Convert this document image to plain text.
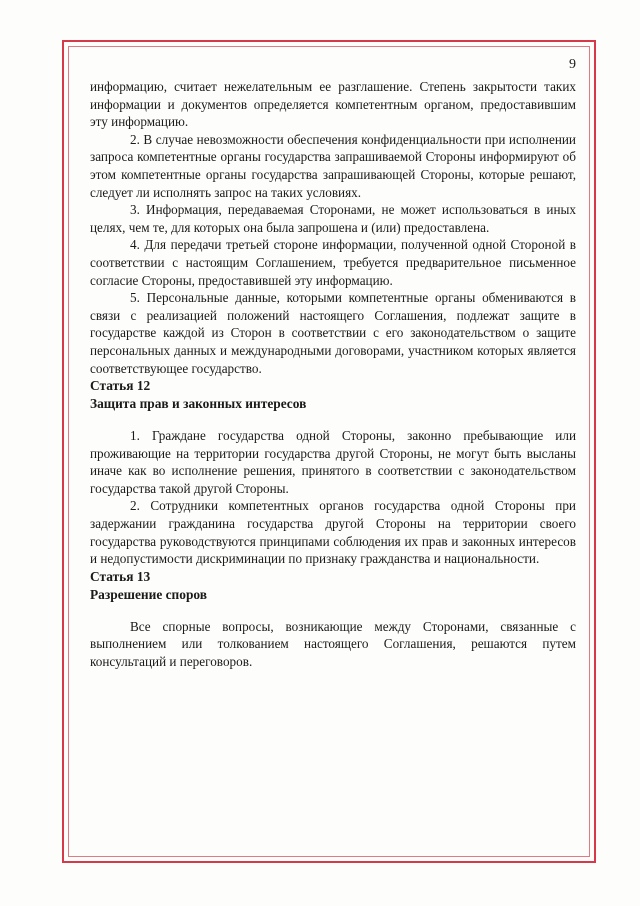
9

информацию, считает нежелательным ее разглашение. Степень закрытости таких информации и документов определяется компетентным органом, предоставившим эту информацию.

2. В случае невозможности обеспечения конфиденциальности при исполнении запроса компетентные органы государства запрашиваемой Стороны информируют об этом компетентные органы государства запрашивающей Стороны, которые решают, следует ли исполнять запрос на таких условиях.

3. Информация, передаваемая Сторонами, не может использоваться в иных целях, чем те, для которых она была запрошена и (или) предоставлена.

4. Для передачи третьей стороне информации, полученной одной Стороной в соответствии с настоящим Соглашением, требуется предварительное письменное согласие Стороны, предоставившей эту информацию.

5. Персональные данные, которыми компетентные органы обмениваются в связи с реализацией положений настоящего Соглашения, подлежат защите в государстве каждой из Сторон в соответствии с его законодательством о защите персональных данных и международными договорами, участником которых является соответствующее государство.

Статья 12

Защита прав и законных интересов

1. Граждане государства одной Стороны, законно пребывающие или проживающие на территории государства другой Стороны, не могут быть высланы иначе как во исполнение решения, принятого в соответствии с законодательством государства такой другой Стороны.

2. Сотрудники компетентных органов государства одной Стороны при задержании гражданина государства другой Стороны на территории своего государства руководствуются принципами соблюдения их прав и законных интересов и недопустимости дискриминации по признаку гражданства и национальности.

Статья 13

Разрешение споров

Все спорные вопросы, возникающие между Сторонами, связанные с выполнением или толкованием настоящего Соглашения, решаются путем консультаций и переговоров.
